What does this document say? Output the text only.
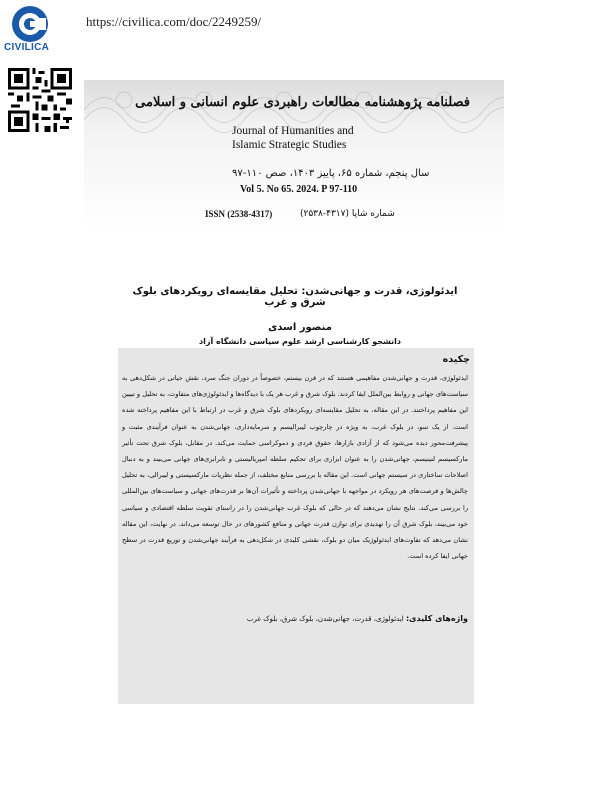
CIVILICA
https://civilica.com/doc/2249259/
فصلنامه پژوهشنامه مطالعات راهبردی علوم انسانی و اسلامی
Journal of Humanities and
Islamic Strategic Studies
سال پنجم، شماره ۶۵، پاییز ۱۴۰۳، صص ۱۱۰-۹۷
Vol 5. No 65. 2024. P 97-110
ISSN (2538-4317)	شماره شاپا (۴۳۱۷-۲۵۳۸)
ایدئولوژی، قدرت و جهانی‌شدن: تحلیل مقایسه‌ای رویکردهای بلوک شرق و غرب
منصور اسدی
دانشجو کارشناسی ارشد علوم سیاسی دانشگاه آزاد
چکیده
ایدئولوژی، قدرت و جهانی‌شدن مفاهیمی هستند که در قرن بیستم، خصوصاً در دوران جنگ سرد، نقش حیاتی در شکل‌دهی به سیاست‌های جهانی و روابط بین‌الملل ایفا کردند. بلوک شرق و غرب هر یک با دیدگاه‌ها و ایدئولوژی‌های متفاوت، به تحلیل و تبیین این مفاهیم پرداختند. در این مقاله، به تحلیل مقایسه‌ای رویکردهای بلوک شرق و غرب در ارتباط با این مفاهیم پرداخته شده است. از یک سو، در بلوک غرب، به ویژه در چارچوب لیبرالیسم و سرمایه‌داری، جهانی‌شدن به عنوان فرآیندی مثبت و پیشرفت‌محور دیده می‌شود که از آزادی بازارها، حقوق فردی و دموکراسی حمایت می‌کند. در مقابل، بلوک شرق تحت تأثیر مارکسیسم لنینیسم، جهانی‌شدن را به عنوان ابزاری برای تحکیم سلطه امپریالیستی و نابرابری‌های جهانی می‌بیند و به دنبال اصلاحات ساختاری در سیستم جهانی است. این مقاله با بررسی منابع مختلف، از جمله نظریات مارکسیستی و لیبرالی، به تحلیل چالش‌ها و فرصت‌های هر رویکرد در مواجهه با جهانی‌شدن پرداخته و تأثیرات آن‌ها بر قدرت‌های جهانی و سیاست‌های بین‌المللی را بررسی می‌کند. نتایج نشان می‌دهند که در حالی که بلوک غرب جهانی‌شدن را در راستای تقویت سلطه اقتصادی و سیاسی خود می‌بیند، بلوک شرق آن را تهدیدی برای توازن قدرت جهانی و منافع کشورهای در حال توسعه می‌داند. در نهایت، این مقاله نشان می‌دهد که تفاوت‌های ایدئولوژیک میان دو بلوک، نقشی کلیدی در شکل‌دهی به فرآیند جهانی‌شدن و توزیع قدرت در سطح جهانی ایفا کرده است.
واژه‌های کلیدی: ایدئولوژی، قدرت، جهانی‌شدن، بلوک شرق، بلوک غرب
